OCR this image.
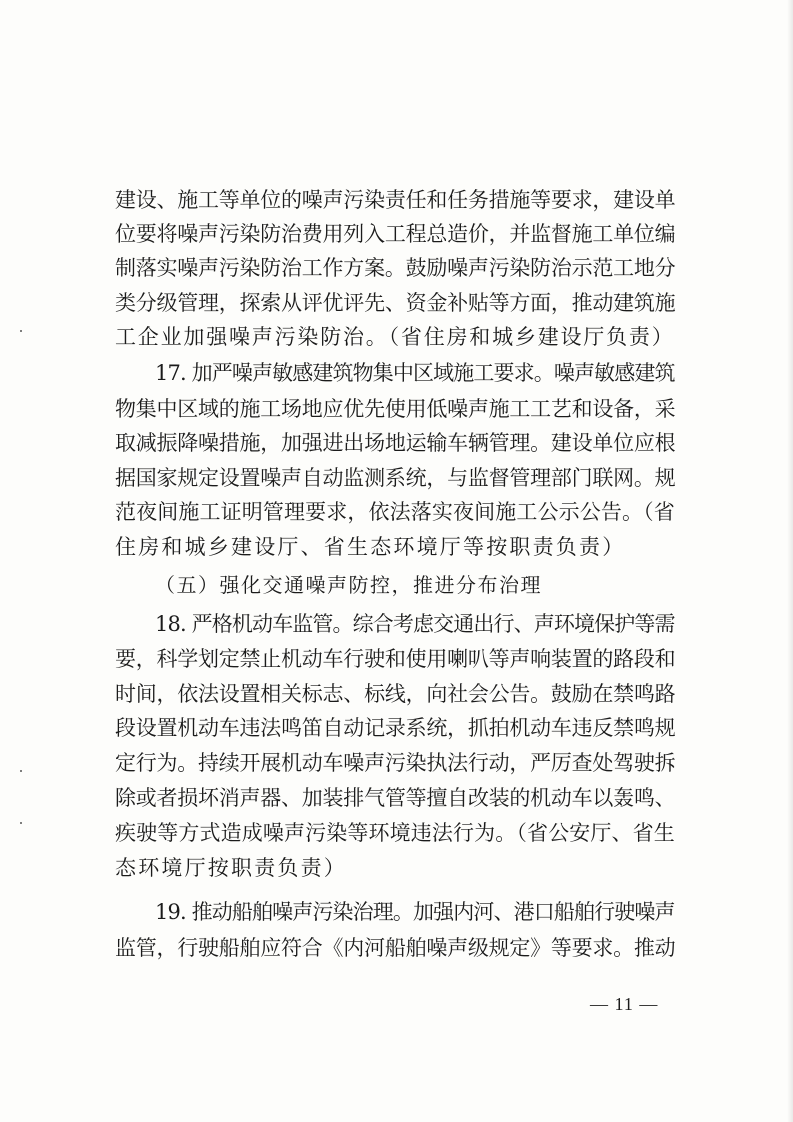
建设、施工等单位的噪声污染责任和任务措施等要求，建设单
位要将噪声污染防治费用列入工程总造价，并监督施工单位编
制落实噪声污染防治工作方案。鼓励噪声污染防治示范工地分
类分级管理，探索从评优评先、资金补贴等方面，推动建筑施
工企业加强噪声污染防治。（省住房和城乡建设厅负责）
17. 加严噪声敏感建筑物集中区域施工要求。噪声敏感建筑
物集中区域的施工场地应优先使用低噪声施工工艺和设备，采
取减振降噪措施，加强进出场地运输车辆管理。建设单位应根
据国家规定设置噪声自动监测系统，与监督管理部门联网。规
范夜间施工证明管理要求，依法落实夜间施工公示公告。（省
住房和城乡建设厅、省生态环境厅等按职责负责）
（五）强化交通噪声防控，推进分布治理
18. 严格机动车监管。综合考虑交通出行、声环境保护等需
要，科学划定禁止机动车行驶和使用喇叭等声响装置的路段和
时间，依法设置相关标志、标线，向社会公告。鼓励在禁鸣路
段设置机动车违法鸣笛自动记录系统，抓拍机动车违反禁鸣规
定行为。持续开展机动车噪声污染执法行动，严厉查处驾驶拆
除或者损坏消声器、加装排气管等擅自改装的机动车以轰鸣、
疾驶等方式造成噪声污染等环境违法行为。（省公安厅、省生
态环境厅按职责负责）
19. 推动船舶噪声污染治理。加强内河、港口船舶行驶噪声
监管，行驶船舶应符合《内河船舶噪声级规定》等要求。推动
— 11 —
